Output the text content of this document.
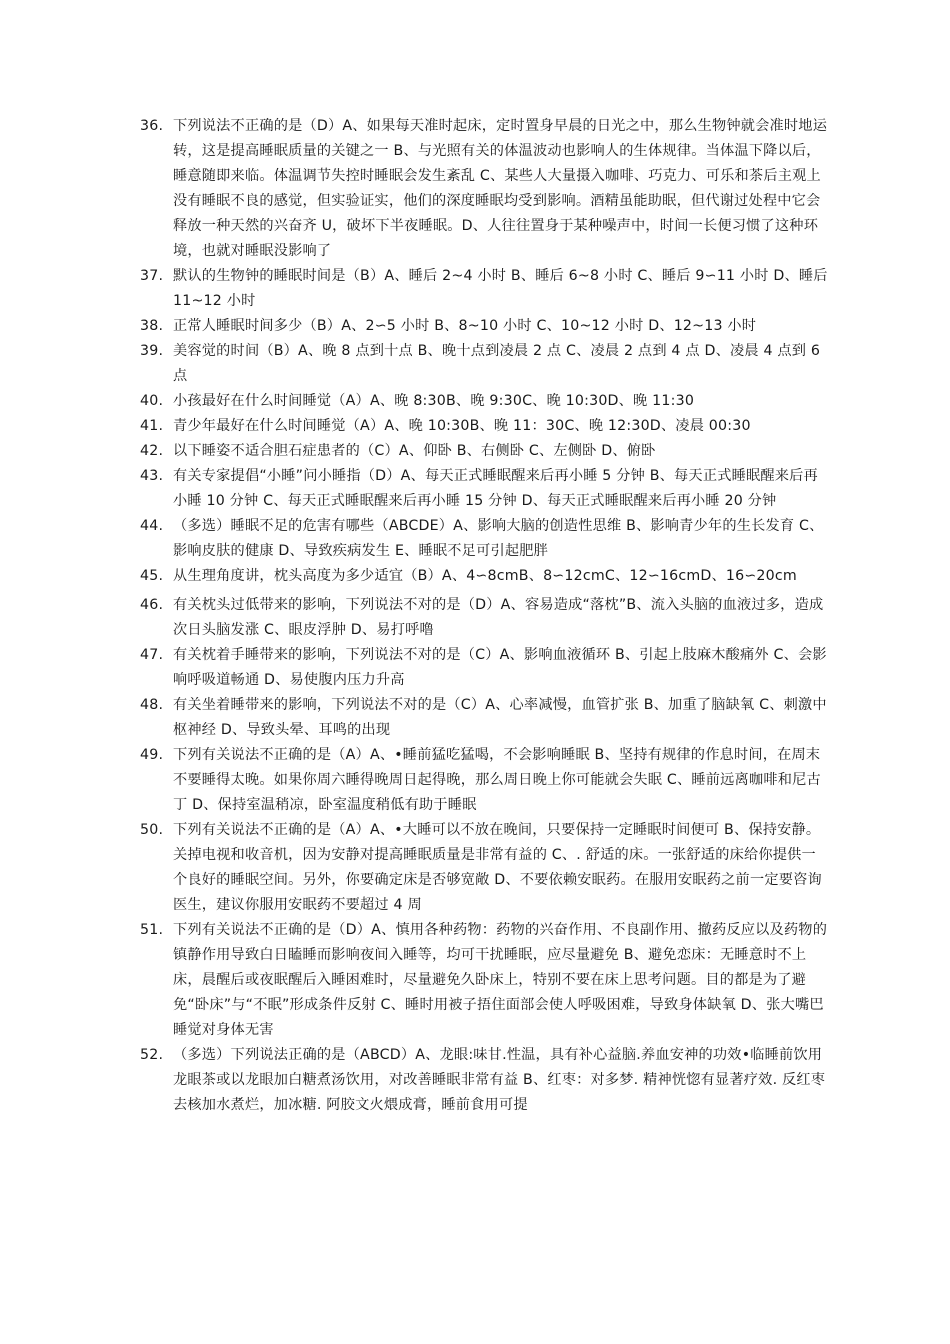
36. 下列说法不正确的是（D）A、如果每天准时起床，定时置身早晨的日光之中，那么生物钟就会准时地运转，这是提高睡眠质量的关键之一 B、与光照有关的体温波动也影响人的生体规律。当体温下降以后，睡意随即来临。体温调节失控时睡眠会发生紊乱 C、某些人大量摄入咖啡、巧克力、可乐和茶后主观上没有睡眠不良的感觉，但实验证实，他们的深度睡眠均受到影响。酒精虽能助眠，但代谢过处程中它会释放一种天然的兴奋齐 U，破坏下半夜睡眠。D、人往往置身于某种噪声中，时间一长便习惯了这种环境，也就对睡眠没影响了
37. 默认的生物钟的睡眠时间是（B）A、睡后 2~4 小时 B、睡后 6~8 小时 C、睡后 9∽11 小时 D、睡后 11~12 小时
38. 正常人睡眠时间多少（B）A、2∽5 小时 B、8~10 小时 C、10~12 小时 D、12~13 小时
39. 美容觉的时间（B）A、晚 8 点到十点 B、晚十点到凌晨 2 点 C、凌晨 2 点到 4 点 D、凌晨 4 点到 6 点
40. 小孩最好在什么时间睡觉（A）A、晚 8:30B、晚 9:30C、晚 10:30D、晚 11:30
41. 青少年最好在什么时间睡觉（A）A、晚 10:30B、晚 11：30C、晚 12:30D、凌晨 00:30
42. 以下睡姿不适合胆石症患者的（C）A、仰卧 B、右侧卧 C、左侧卧 D、俯卧
43. 有关专家提倡“小睡”问小睡指（D）A、每天正式睡眠醒来后再小睡 5 分钟 B、每天正式睡眠醒来后再小睡 10 分钟 C、每天正式睡眠醒来后再小睡 15 分钟 D、每天正式睡眠醒来后再小睡 20 分钟
44. （多选）睡眠不足的危害有哪些（ABCDE）A、影响大脑的创造性思维 B、影响青少年的生长发育 C、影响皮肤的健康 D、导致疾病发生 E、睡眠不足可引起肥胖
45. 从生理角度讲，枕头高度为多少适宜（B）A、4∽8cmB、8∽12cmC、12∽16cmD、16∽20cm
46. 有关枕头过低带来的影响，下列说法不对的是（D）A、容易造成“落枕”B、流入头脑的血液过多，造成次日头脑发涨 C、眼皮浮肿 D、易打呼噜
47. 有关枕着手睡带来的影响，下列说法不对的是（C）A、影响血液循环 B、引起上肢麻木酸痛外 C、会影响呼吸道畅通 D、易使腹内压力升高
48. 有关坐着睡带来的影响，下列说法不对的是（C）A、心率减慢，血管扩张 B、加重了脑缺氧 C、刺激中枢神经 D、导致头晕、耳鸣的出现
49. 下列有关说法不正确的是（A）A、•睡前猛吃猛喝，不会影响睡眠 B、坚持有规律的作息时间，在周末不要睡得太晚。如果你周六睡得晚周日起得晚，那么周日晚上你可能就会失眠 C、睡前远离咖啡和尼古丁 D、保持室温稍凉，卧室温度稍低有助于睡眠
50. 下列有关说法不正确的是（A）A、•大睡可以不放在晚间，只要保持一定睡眠时间便可 B、保持安静。关掉电视和收音机，因为安静对提高睡眠质量是非常有益的 C、. 舒适的床。一张舒适的床给你提供一个良好的睡眠空间。另外，你要确定床是否够宽敞 D、不要依赖安眠药。在服用安眠药之前一定要咨询医生，建议你服用安眠药不要超过 4 周
51. 下列有关说法不正确的是（D）A、慎用各种药物：药物的兴奋作用、不良副作用、撤药反应以及药物的镇静作用导致白日瞌睡而影响夜间入睡等，均可干扰睡眠，应尽量避免 B、避免恋床：无睡意时不上床，晨醒后或夜眠醒后入睡困难时，尽量避免久卧床上，特别不要在床上思考问题。目的都是为了避免“卧床”与“不眠”形成条件反射 C、睡时用被子捂住面部会使人呼吸困难，导致身体缺氧 D、张大嘴巴睡觉对身体无害
52. （多选）下列说法正确的是（ABCD）A、龙眼:味甘.性温，具有补心益脑.养血安神的功效•临睡前饮用龙眼茶或以龙眼加白糖煮汤饮用，对改善睡眠非常有益 B、红枣：对多梦. 精神恍惚有显著疗效. 反红枣去核加水煮烂，加冰糖. 阿胶文火煨成膏，睡前食用可提
